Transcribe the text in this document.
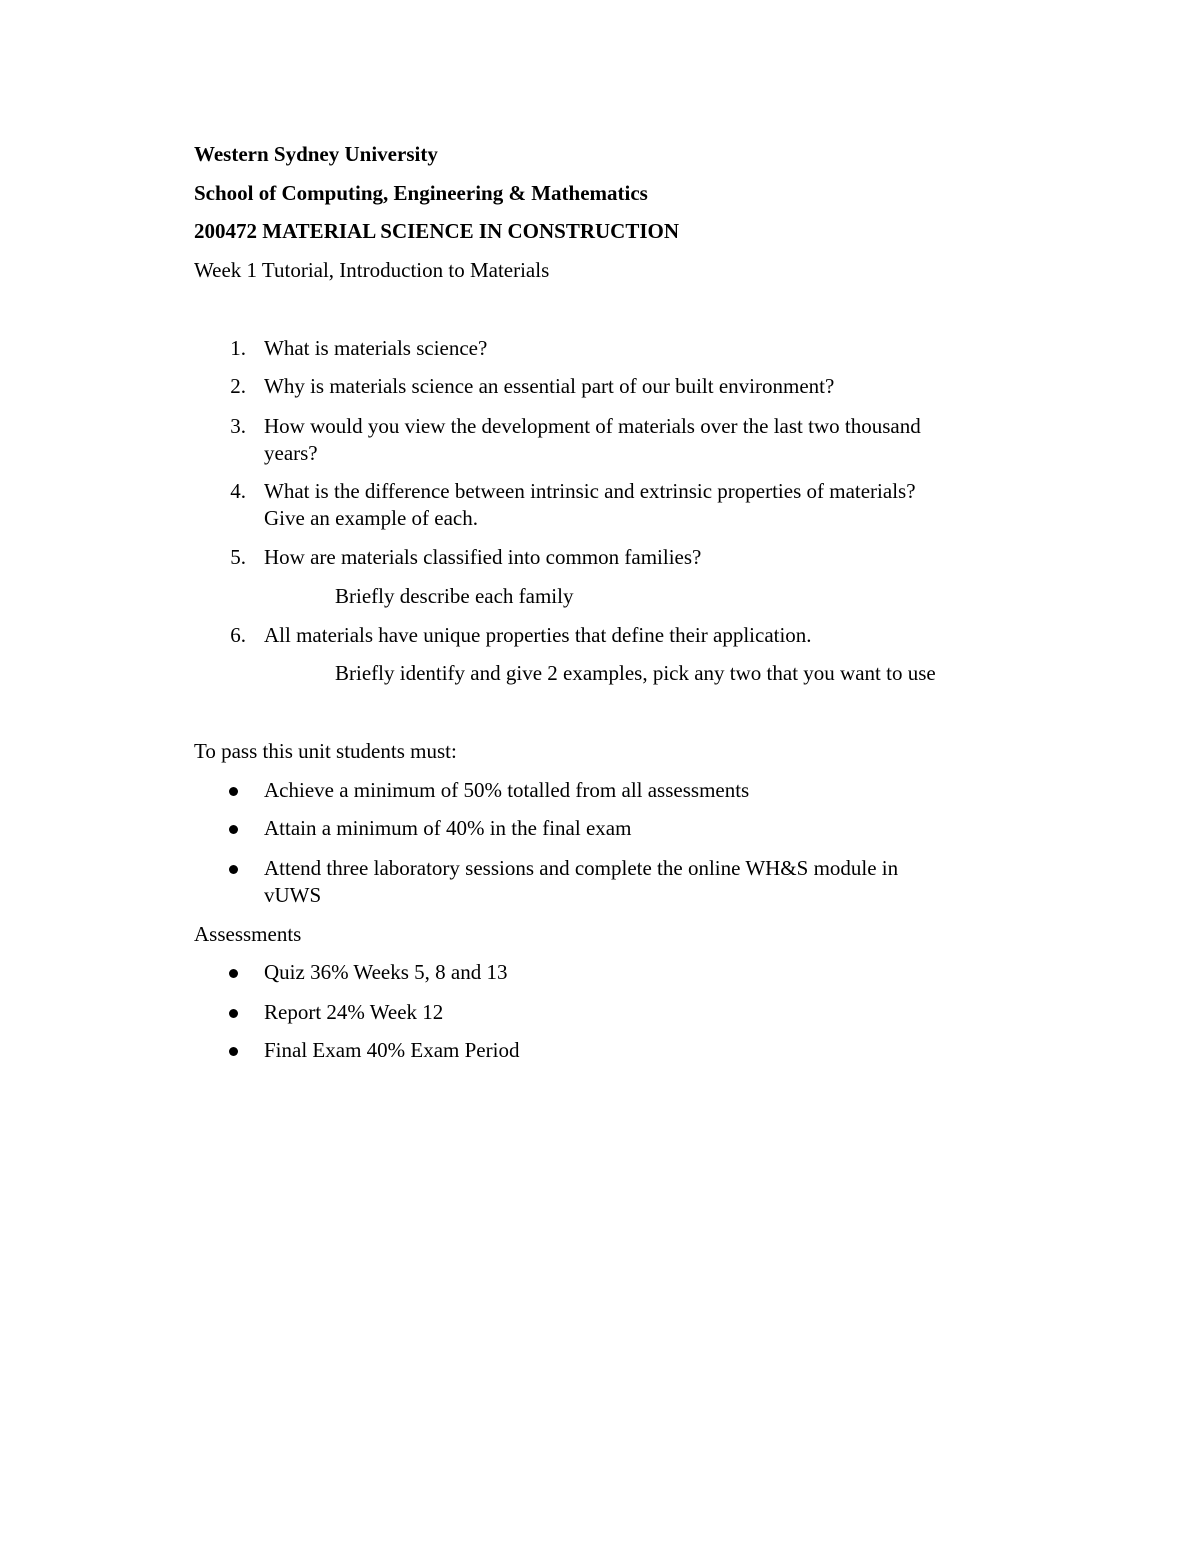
Western Sydney University
School of Computing, Engineering & Mathematics
200472 MATERIAL SCIENCE IN CONSTRUCTION
Week 1 Tutorial, Introduction to Materials
1. What is materials science?
2. Why is materials science an essential part of our built environment?
3. How would you view the development of materials over the last two thousand
years?
4. What is the difference between intrinsic and extrinsic properties of materials?
Give an example of each.
5. How are materials classified into common families?
Briefly describe each family
6. All materials have unique properties that define their application.
Briefly identify and give 2 examples, pick any two that you want to use
To pass this unit students must:
Achieve a minimum of 50% totalled from all assessments
Attain a minimum of 40% in the final exam
Attend three laboratory sessions and complete the online WH&S module in
vUWS
Assessments
Quiz 36% Weeks 5, 8 and 13
Report 24% Week 12
Final Exam 40% Exam Period
